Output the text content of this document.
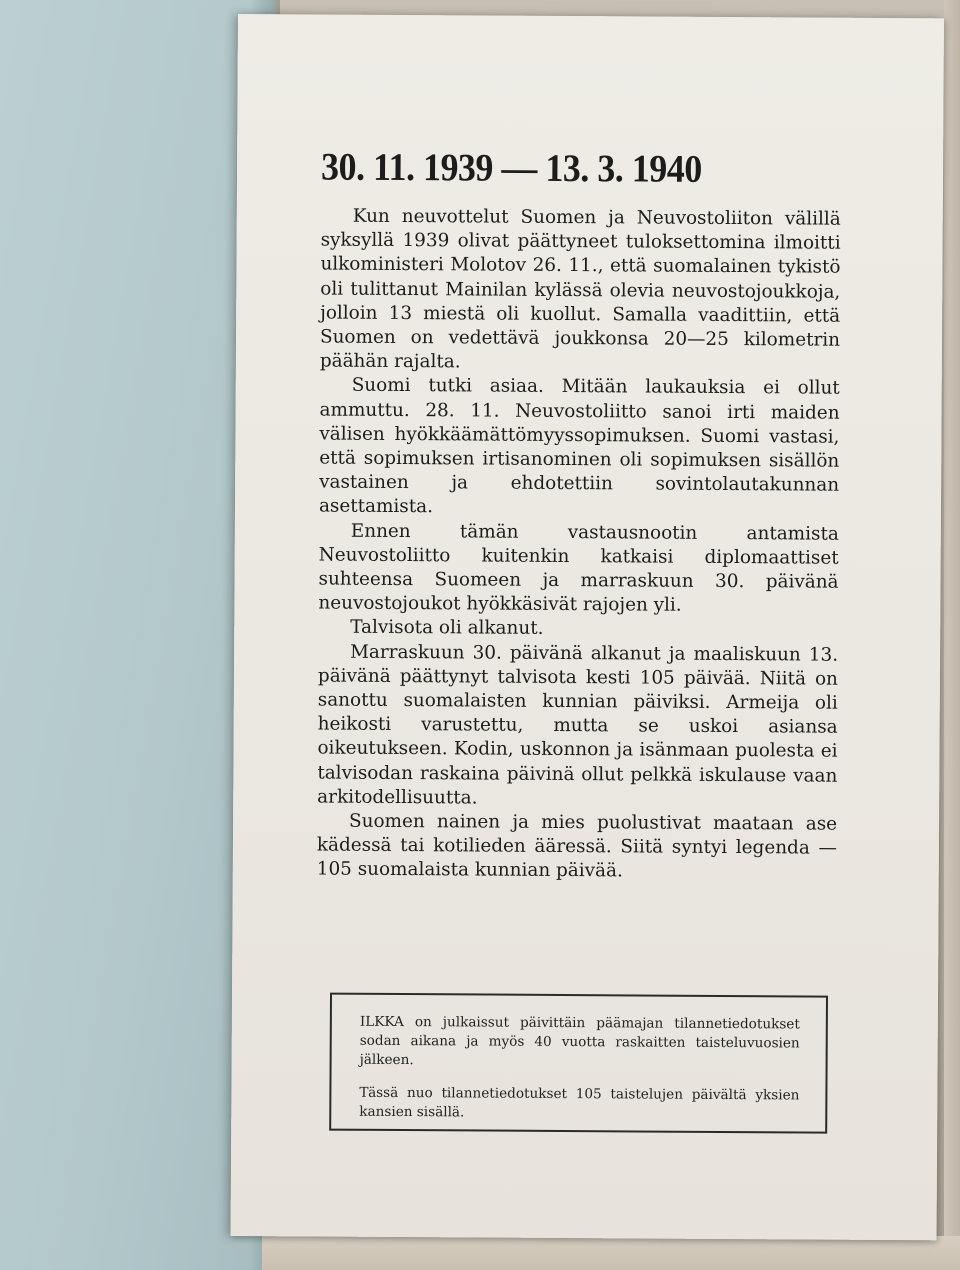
30. 11. 1939 — 13. 3. 1940

Kun neuvottelut Suomen ja Neuvostoliiton välillä syksyllä 1939 olivat päättyneet tuloksettomina ilmoitti ulkoministeri Molotov 26. 11., että suomalainen tykistö oli tulittanut Mainilan kylässä olevia neuvostojoukkoja, jolloin 13 miestä oli kuollut. Samalla vaadittiin, että Suomen on vedettävä joukkonsa 20—25 kilometrin päähän rajalta.

Suomi tutki asiaa. Mitään laukauksia ei ollut ammuttu. 28. 11. Neuvostoliitto sanoi irti maiden välisen hyökkäämättömyyssopimuksen. Suomi vastasi, että sopimuksen irtisanominen oli sopimuksen sisällön vastainen ja ehdotettiin sovintolautakunnan asettamista.

Ennen tämän vastausnootin antamista Neuvostoliitto kuitenkin katkaisi diplomaattiset suhteensa Suomeen ja marraskuun 30. päivänä neuvostojoukot hyökkäsivät rajojen yli.

Talvisota oli alkanut.

Marraskuun 30. päivänä alkanut ja maaliskuun 13. päivänä päättynyt talvisota kesti 105 päivää. Niitä on sanottu suomalaisten kunnian päiviksi. Armeija oli heikosti varustettu, mutta se uskoi asiansa oikeutukseen. Kodin, uskonnon ja isänmaan puolesta ei talvisodan raskaina päivinä ollut pelkkä iskulause vaan arkitodellisuutta.

Suomen nainen ja mies puolustivat maataan ase kädessä tai kotilieden ääressä. Siitä syntyi legenda — 105 suomalaista kunnian päivää.

ILKKA on julkaissut päivittäin päämajan tilannetiedotukset sodan aikana ja myös 40 vuotta raskaitten taisteluvuosien jälkeen.

Tässä nuo tilannetiedotukset 105 taistelujen päivältä yksien kansien sisällä.
